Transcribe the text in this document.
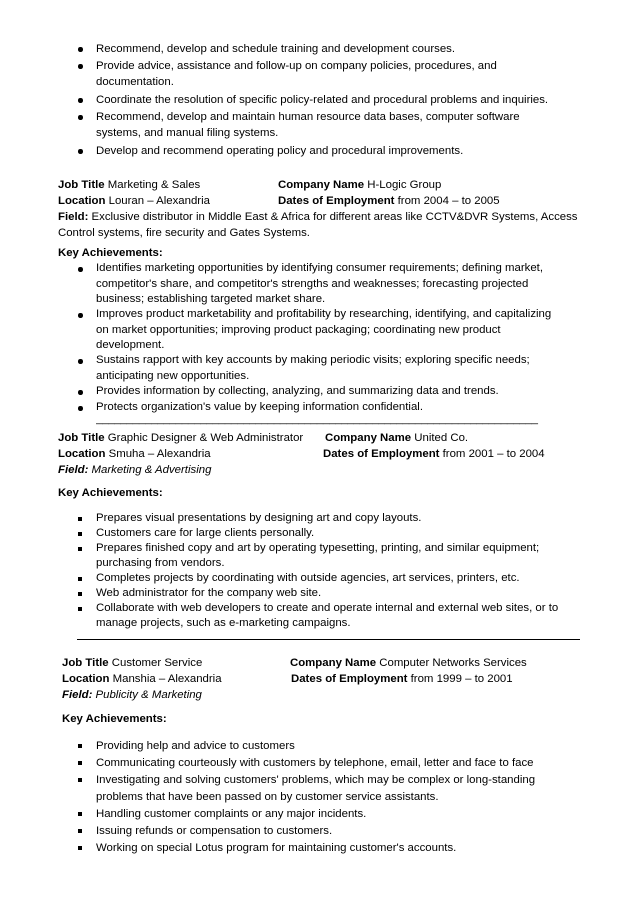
Recommend, develop and schedule training and development courses.
Provide advice, assistance and follow-up on company policies, procedures, and documentation.
Coordinate the resolution of specific policy-related and procedural problems and inquiries.
Recommend, develop and maintain human resource data bases, computer software systems, and manual filing systems.
Develop and recommend operating policy and procedural improvements.
Job Title Marketing & Sales	Company Name H-Logic Group
Location Louran – Alexandria	Dates of Employment from 2004 – to 2005
Field: Exclusive distributor in Middle East & Africa for different areas like CCTV&DVR Systems, Access Control systems, fire security and Gates Systems.
Key Achievements:
Identifies marketing opportunities by identifying consumer requirements; defining market, competitor's share, and competitor's strengths and weaknesses; forecasting projected business; establishing targeted market share.
Improves product marketability and profitability by researching, identifying, and capitalizing on market opportunities; improving product packaging; coordinating new product development.
Sustains rapport with key accounts by making periodic visits; exploring specific needs; anticipating new opportunities.
Provides information by collecting, analyzing, and summarizing data and trends.
Protects organization's value by keeping information confidential.
________________________________________________________________________
Job Title Graphic Designer & Web Administrator Company Name United Co.
Location Smuha – Alexandria	Dates of Employment from 2001 – to 2004
Field: Marketing & Advertising
Key Achievements:
Prepares visual presentations by designing art and copy layouts.
Customers care for large clients personally.
Prepares finished copy and art by operating typesetting, printing, and similar equipment; purchasing from vendors.
Completes projects by coordinating with outside agencies, art services, printers, etc.
Web administrator for the company web site.
Collaborate with web developers to create and operate internal and external web sites, or to manage projects, such as e-marketing campaigns.
Job Title Customer Service	Company Name Computer Networks Services
Location Manshia – Alexandria	Dates of Employment from 1999 – to 2001
Field: Publicity & Marketing
Key Achievements:
Providing help and advice to customers
Communicating courteously with customers by telephone, email, letter and face to face
Investigating and solving customers' problems, which may be complex or long-standing problems that have been passed on by customer service assistants.
Handling customer complaints or any major incidents.
Issuing refunds or compensation to customers.
Working on special Lotus program for maintaining customer's accounts.
